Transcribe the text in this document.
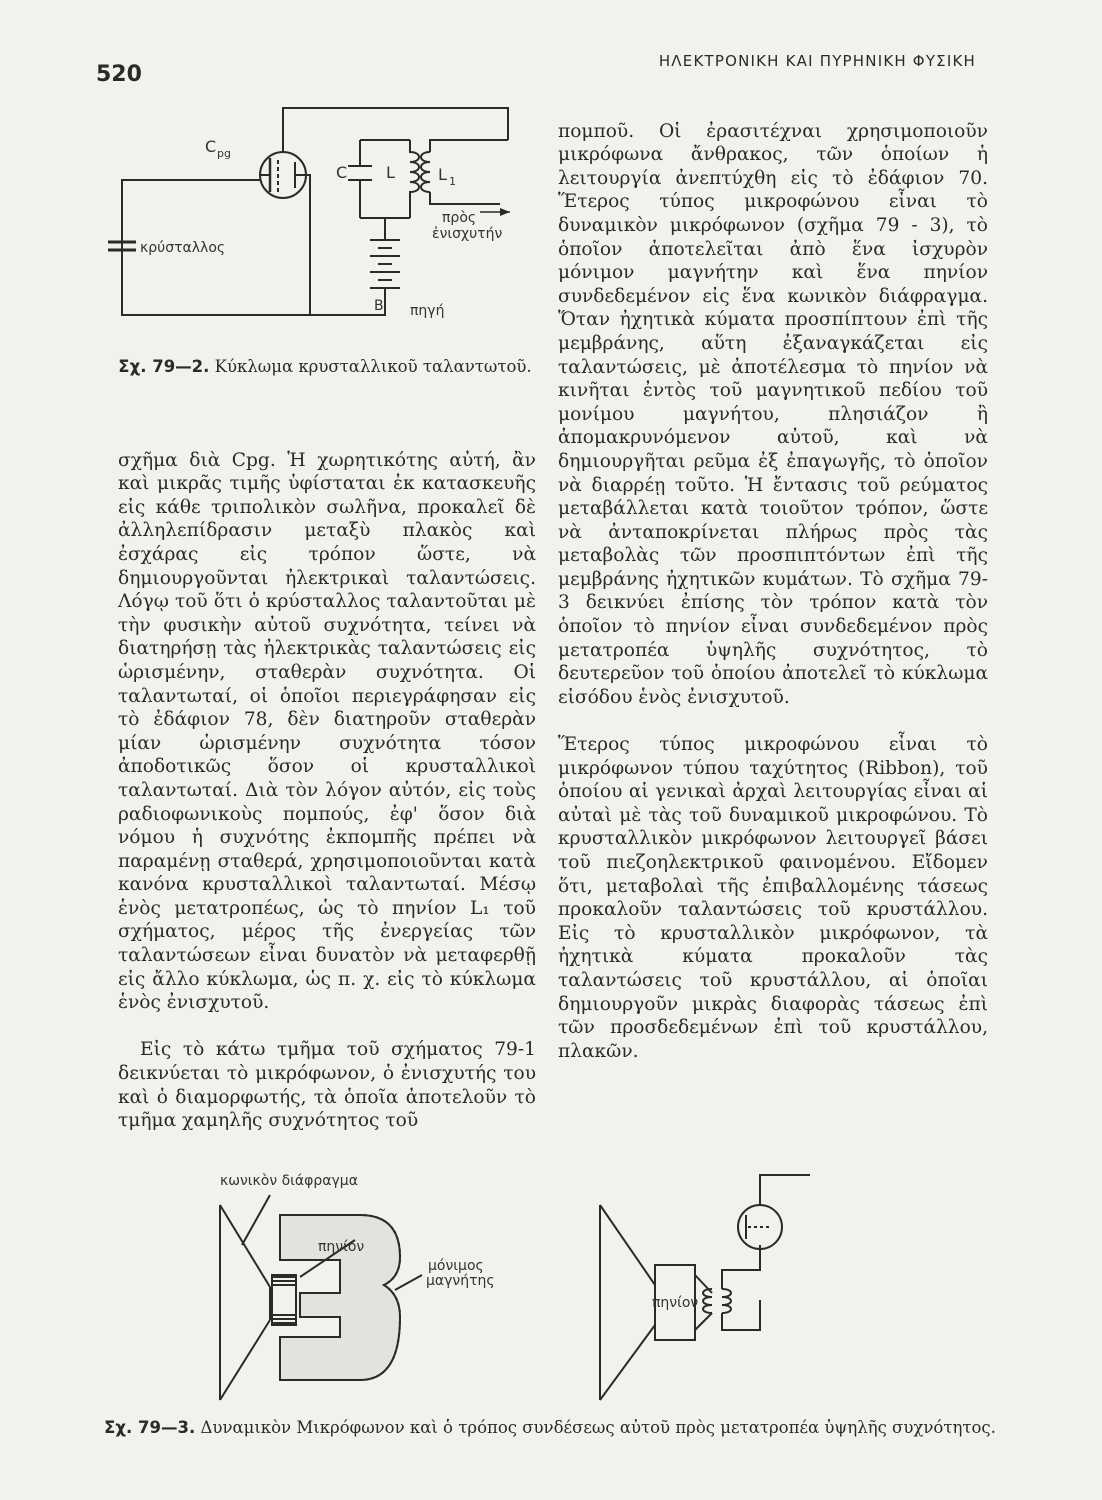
520
ΗΛΕΚΤΡΟΝΙΚΗ ΚΑΙ ΠΥΡΗΝΙΚΗ ΦΥΣΙΚΗ
C pg
C L	L 1
πρὸς
ἐνισχυτήν
κρύσταλλος
B πηγή
Σχ. 79—2. Κύκλωμα κρυσταλλικοῦ ταλαντωτοῦ.

σχῆμα διὰ Cpg. Ἡ χωρητικότης αὐτή, ἂν καὶ μικρᾶς τιμῆς ὑφίσταται ἐκ κατασκευῆς εἰς κάθε τριπολικὸν σωλῆνα, προκαλεῖ δὲ ἀλληλεπίδρασιν μεταξὺ πλακὸς καὶ ἐσχάρας εἰς τρόπον ὥστε, νὰ δημιουργοῦνται ἠλεκτρικαὶ ταλαντώσεις. Λόγῳ τοῦ ὅτι ὁ κρύσταλλος ταλαντοῦται μὲ τὴν φυσικὴν αὐτοῦ συχνότητα, τείνει νὰ διατηρήσῃ τὰς ἠλεκτρικὰς ταλαντώσεις εἰς ὡρισμένην, σταθερὰν συχνότητα. Οἱ ταλαντωταί, οἱ ὁποῖοι περιεγράφησαν εἰς τὸ ἐδάφιον 78, δὲν διατηροῦν σταθερὰν μίαν ὡρισμένην συχνότητα τόσον ἀποδοτικῶς ὅσον οἱ κρυσταλλικοὶ ταλαντωταί. Διὰ τὸν λόγον αὐτόν, εἰς τοὺς ραδιοφωνικοὺς πομπούς, ἐφ' ὅσον διὰ νόμου ἡ συχνότης ἐκπομπῆς πρέπει νὰ παραμένῃ σταθερά, χρησιμοποιοῦνται κατὰ κανόνα κρυσταλλικοὶ ταλαντωταί. Μέσῳ ἑνὸς μετατροπέως, ὡς τὸ πηνίον L₁ τοῦ σχήματος, μέρος τῆς ἐνεργείας τῶν ταλαντώσεων εἶναι δυνατὸν νὰ μεταφερθῇ εἰς ἄλλο κύκλωμα, ὡς π. χ. εἰς τὸ κύκλωμα ἑνὸς ἐνισχυτοῦ.

Εἰς τὸ κάτω τμῆμα τοῦ σχήματος 79-1 δεικνύεται τὸ μικρόφωνον, ὁ ἐνισχυτής του καὶ ὁ διαμορφωτής, τὰ ὁποῖα ἀποτελοῦν τὸ τμῆμα χαμηλῆς συχνότητος τοῦ

πομποῦ. Οἱ ἐρασιτέχναι χρησιμοποιοῦν μικρόφωνα ἄνθρακος, τῶν ὁποίων ἡ λειτουργία ἀνεπτύχθη εἰς τὸ ἐδάφιον 70. Ἕτερος τύπος μικροφώνου εἶναι τὸ δυναμικὸν μικρόφωνον (σχῆμα 79 - 3), τὸ ὁποῖον ἀποτελεῖται ἀπὸ ἕνα ἰσχυρὸν μόνιμον μαγνήτην καὶ ἕνα πηνίον συνδεδεμένον εἰς ἕνα κωνικὸν διάφραγμα. Ὅταν ἠχητικὰ κύματα προσπίπτουν ἐπὶ τῆς μεμβράνης, αὕτη ἐξαναγκάζεται εἰς ταλαντώσεις, μὲ ἀποτέλεσμα τὸ πηνίον νὰ κινῆται ἐντὸς τοῦ μαγνητικοῦ πεδίου τοῦ μονίμου μαγνήτου, πλησιάζον ἢ ἀπομακρυνόμενον αὐτοῦ, καὶ νὰ δημιουργῆται ρεῦμα ἐξ ἐπαγωγῆς, τὸ ὁποῖον νὰ διαρρέῃ τοῦτο. Ἡ ἔντασις τοῦ ρεύματος μεταβάλλεται κατὰ τοιοῦτον τρόπον, ὥστε νὰ ἀνταποκρίνεται πλήρως πρὸς τὰς μεταβολὰς τῶν προσπιπτόντων ἐπὶ τῆς μεμβράνης ἠχητικῶν κυμάτων. Τὸ σχῆμα 79-3 δεικνύει ἐπίσης τὸν τρόπον κατὰ τὸν ὁποῖον τὸ πηνίον εἶναι συνδεδεμένον πρὸς μετατροπέα ὑψηλῆς συχνότητος, τὸ δευτερεῦον τοῦ ὁποίου ἀποτελεῖ τὸ κύκλωμα εἰσόδου ἑνὸς ἐνισχυτοῦ.

Ἕτερος τύπος μικροφώνου εἶναι τὸ μικρόφωνον τύπου ταχύτητος (Ribbon), τοῦ ὁποίου αἱ γενικαὶ ἀρχαὶ λειτουργίας εἶναι αἱ αὐταὶ μὲ τὰς τοῦ δυναμικοῦ μικροφώνου. Τὸ κρυσταλλικὸν μικρόφωνον λειτουργεῖ βάσει τοῦ πιεζοηλεκτρικοῦ φαινομένου. Εἴδομεν ὅτι, μεταβολαὶ τῆς ἐπιβαλλομένης τάσεως προκαλοῦν ταλαντώσεις τοῦ κρυστάλλου. Εἰς τὸ κρυσταλλικὸν μικρόφωνον, τὰ ἠχητικὰ κύματα προκαλοῦν τὰς ταλαντώσεις τοῦ κρυστάλλου, αἱ ὁποῖαι δημιουργοῦν μικρὰς διαφορὰς τάσεως ἐπὶ τῶν προσδεδεμένων ἐπὶ τοῦ κρυστάλλου, πλακῶν.

κωνικὸν διάφραγμα
πηνίον
μόνιμος
μαγνήτης
πηνίον
Σχ. 79—3. Δυναμικὸν Μικρόφωνον καὶ ὁ τρόπος συνδέσεως αὐτοῦ πρὸς μετατροπέα ὑψηλῆς συχνότητος.
